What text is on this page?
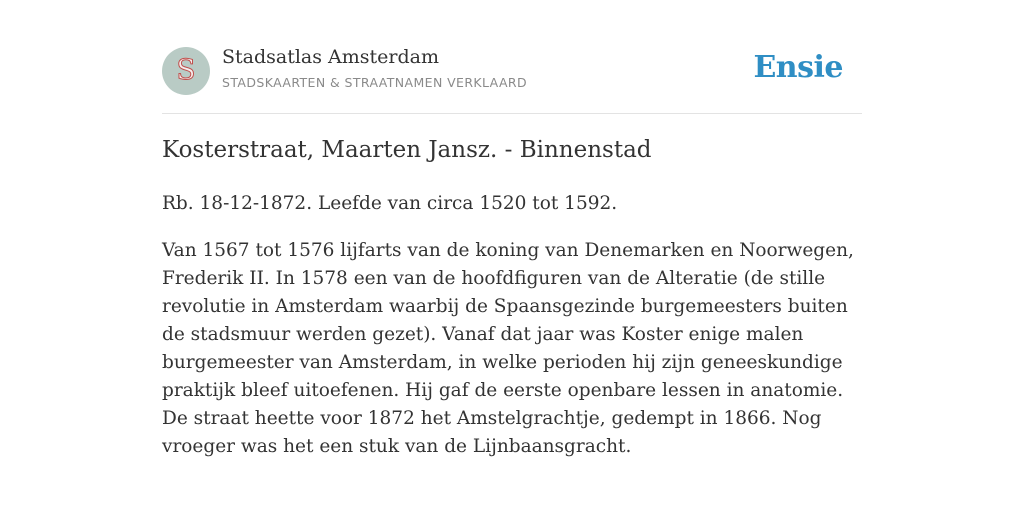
S Stadsatlas Amsterdam
STADSKAARTEN & STRAATNAMEN VERKLAARD	Ensie
Kosterstraat, Maarten Jansz. - Binnenstad

Rb. 18-12-1872. Leefde van circa 1520 tot 1592.

Van 1567 tot 1576 lijfarts van de koning van Denemarken en Noorwegen, Frederik II. In 1578 een van de hoofdfiguren van de Alteratie (de stille revolutie in Amsterdam waarbij de Spaansgezinde burgemeesters buiten de stadsmuur werden gezet). Vanaf dat jaar was Koster enige malen burgemeester van Amsterdam, in welke perioden hij zijn geneeskundige praktijk bleef uitoefenen. Hij gaf de eerste openbare lessen in anatomie. De straat heette voor 1872 het Amstelgrachtje, gedempt in 1866. Nog vroeger was het een stuk van de Lijnbaansgracht.
